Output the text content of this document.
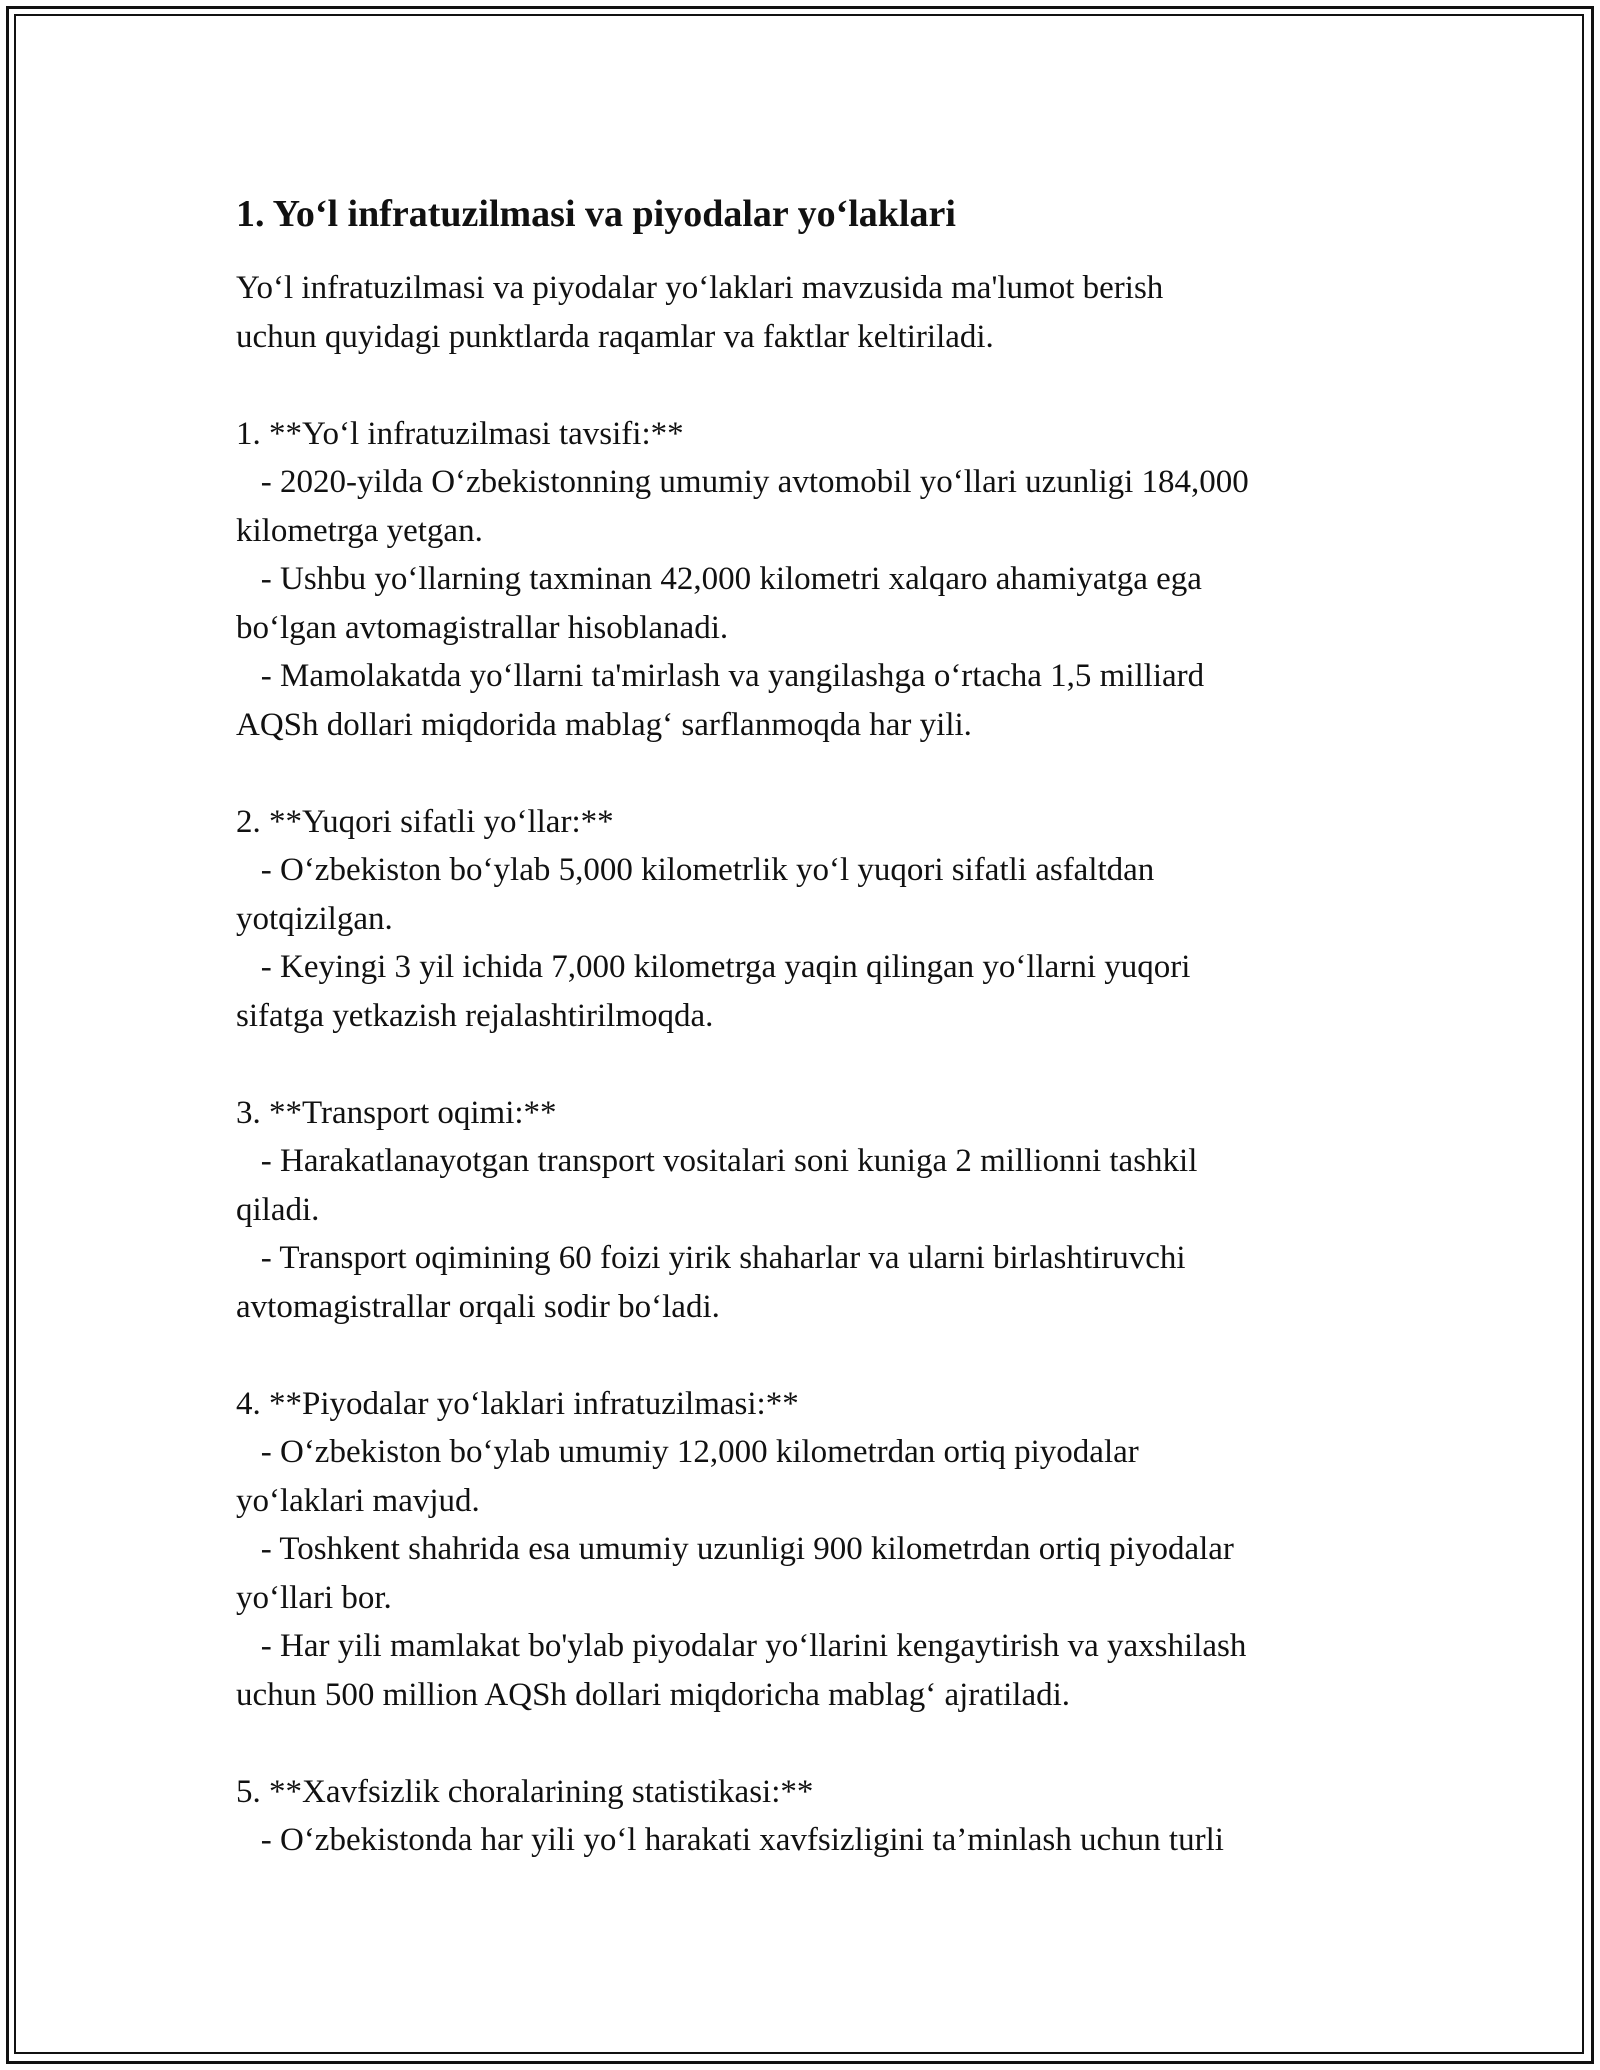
1. Yo‘l infratuzilmasi va piyodalar yo‘laklari

Yo‘l infratuzilmasi va piyodalar yo‘laklari mavzusida ma'lumot berish

uchun quyidagi punktlarda raqamlar va faktlar keltiriladi.

1. **Yo‘l infratuzilmasi tavsifi:**

- 2020-yilda O‘zbekistonning umumiy avtomobil yo‘llari uzunligi 184,000

kilometrga yetgan.

- Ushbu yo‘llarning taxminan 42,000 kilometri xalqaro ahamiyatga ega

bo‘lgan avtomagistrallar hisoblanadi.

- Mamolakatda yo‘llarni ta'mirlash va yangilashga o‘rtacha 1,5 milliard

AQSh dollari miqdorida mablag‘ sarflanmoqda har yili.

2. **Yuqori sifatli yo‘llar:**

- O‘zbekiston bo‘ylab 5,000 kilometrlik yo‘l yuqori sifatli asfaltdan

yotqizilgan.

- Keyingi 3 yil ichida 7,000 kilometrga yaqin qilingan yo‘llarni yuqori

sifatga yetkazish rejalashtirilmoqda.

3. **Transport oqimi:**

- Harakatlanayotgan transport vositalari soni kuniga 2 millionni tashkil

qiladi.

- Transport oqimining 60 foizi yirik shaharlar va ularni birlashtiruvchi

avtomagistrallar orqali sodir bo‘ladi.

4. **Piyodalar yo‘laklari infratuzilmasi:**

- O‘zbekiston bo‘ylab umumiy 12,000 kilometrdan ortiq piyodalar

yo‘laklari mavjud.

- Toshkent shahrida esa umumiy uzunligi 900 kilometrdan ortiq piyodalar

yo‘llari bor.

- Har yili mamlakat bo'ylab piyodalar yo‘llarini kengaytirish va yaxshilash

uchun 500 million AQSh dollari miqdoricha mablag‘ ajratiladi.

5. **Xavfsizlik choralarining statistikasi:**

- O‘zbekistonda har yili yo‘l harakati xavfsizligini ta’minlash uchun turli
